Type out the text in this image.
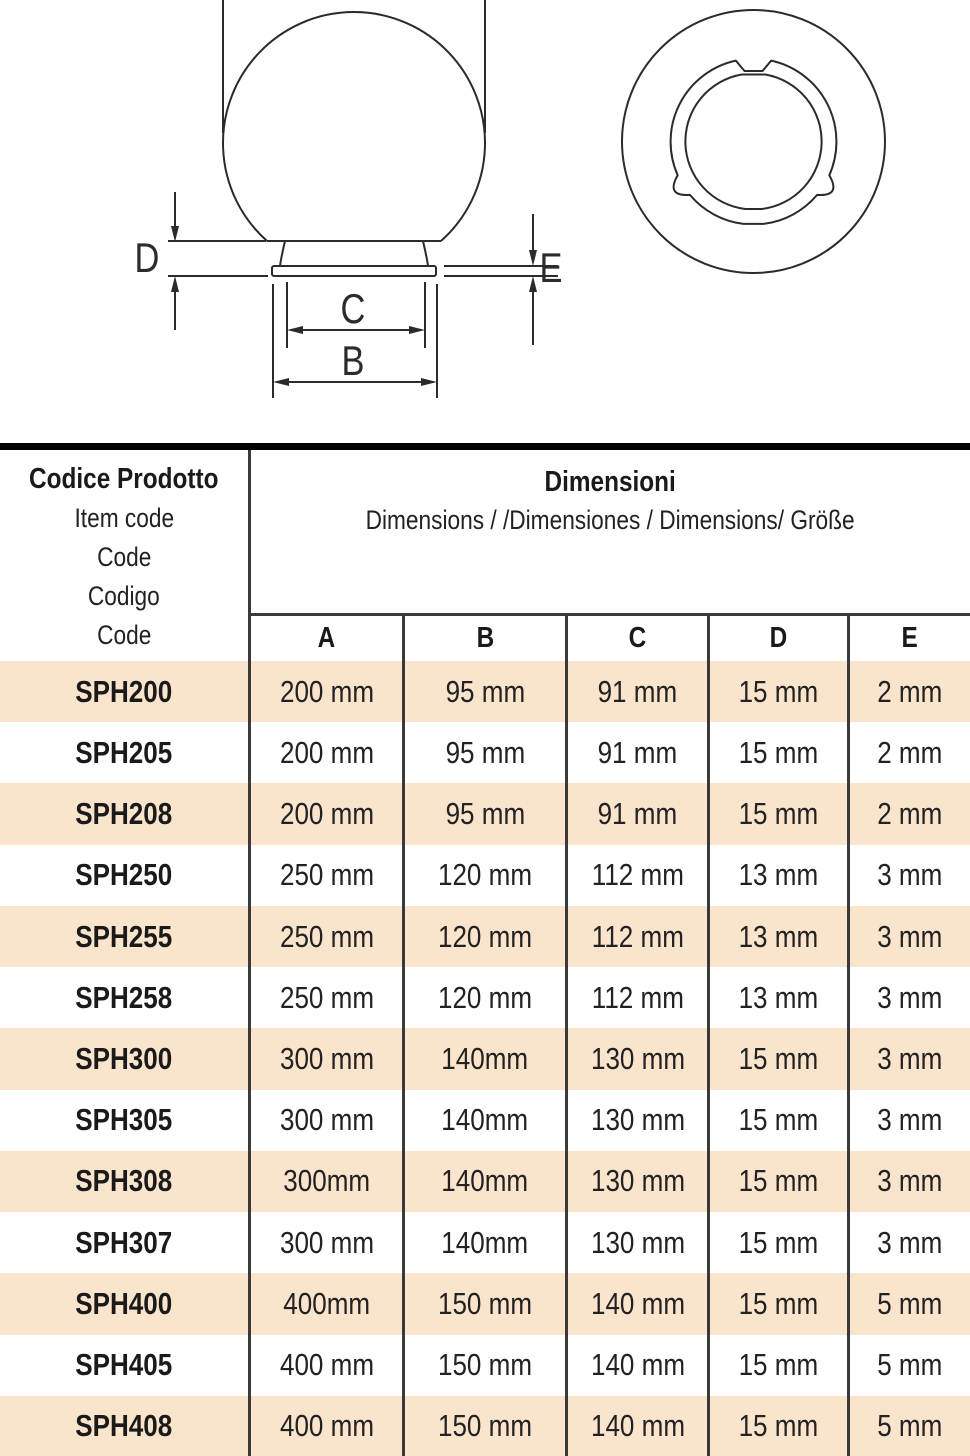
D
C
B
E
Codice Prodotto
Item code
Code
Codigo
Code
Dimensioni
Dimensions / /Dimensiones / Dimensions/ Größe
A	B	C	D	E
SPH200	200 mm 95 mm 91 mm 15 mm 2 mm
SPH205	200 mm 95 mm 91 mm 15 mm 2 mm
SPH208	200 mm 95 mm 91 mm 15 mm 2 mm
SPH250	250 mm 120 mm 112 mm 13 mm 3 mm
SPH255	250 mm 120 mm 112 mm 13 mm 3 mm
SPH258	250 mm 120 mm 112 mm 13 mm 3 mm
SPH300	300 mm 140mm 130 mm 15 mm 3 mm
SPH305	300 mm 140mm 130 mm 15 mm 3 mm
SPH308	300mm 140mm 130 mm 15 mm 3 mm
SPH307	300 mm 140mm 130 mm 15 mm 3 mm
SPH400	400mm 150 mm 140 mm 15 mm 5 mm
SPH405	400 mm 150 mm 140 mm 15 mm 5 mm
SPH408	400 mm 150 mm 140 mm 15 mm 5 mm
